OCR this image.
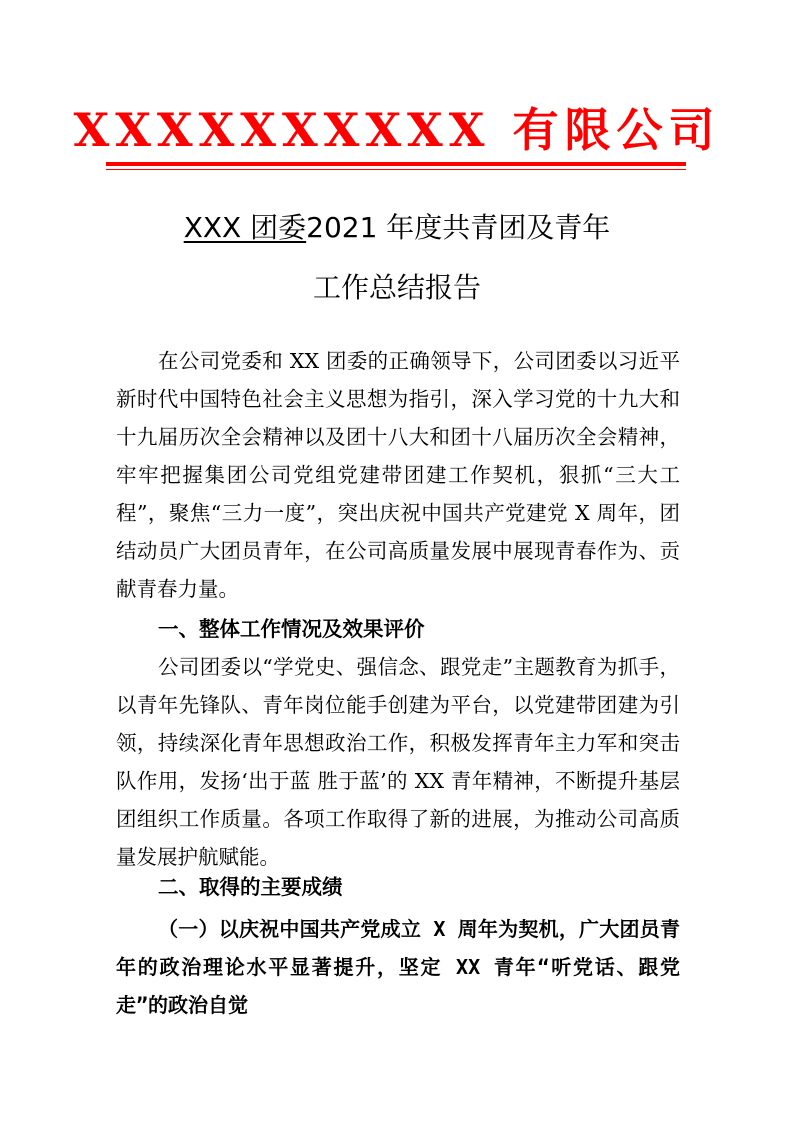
XXXXXXXXXX 有限公司
XXX 团委2021 年度共青团及青年
工作总结报告
在公司党委和 XX 团委的正确领导下，公司团委以习近平新时代中国特色社会主义思想为指引，深入学习党的十九大和十九届历次全会精神以及团十八大和团十八届历次全会精神，牢牢把握集团公司党组党建带团建工作契机，狠抓“三大工程”，聚焦“三力一度”，突出庆祝中国共产党建党 X 周年，团结动员广大团员青年，在公司高质量发展中展现青春作为、贡献青春力量。
一、整体工作情况及效果评价
公司团委以“学党史、强信念、跟党走”主题教育为抓手，以青年先锋队、青年岗位能手创建为平台，以党建带团建为引领，持续深化青年思想政治工作，积极发挥青年主力军和突击队作用，发扬‘出于蓝 胜于蓝’的 XX 青年精神，不断提升基层团组织工作质量。各项工作取得了新的进展，为推动公司高质量发展护航赋能。
二、取得的主要成绩
（一）以庆祝中国共产党成立 X 周年为契机，广大团员青年的政治理论水平显著提升，坚定 XX 青年“听党话、跟党走”的政治自觉
